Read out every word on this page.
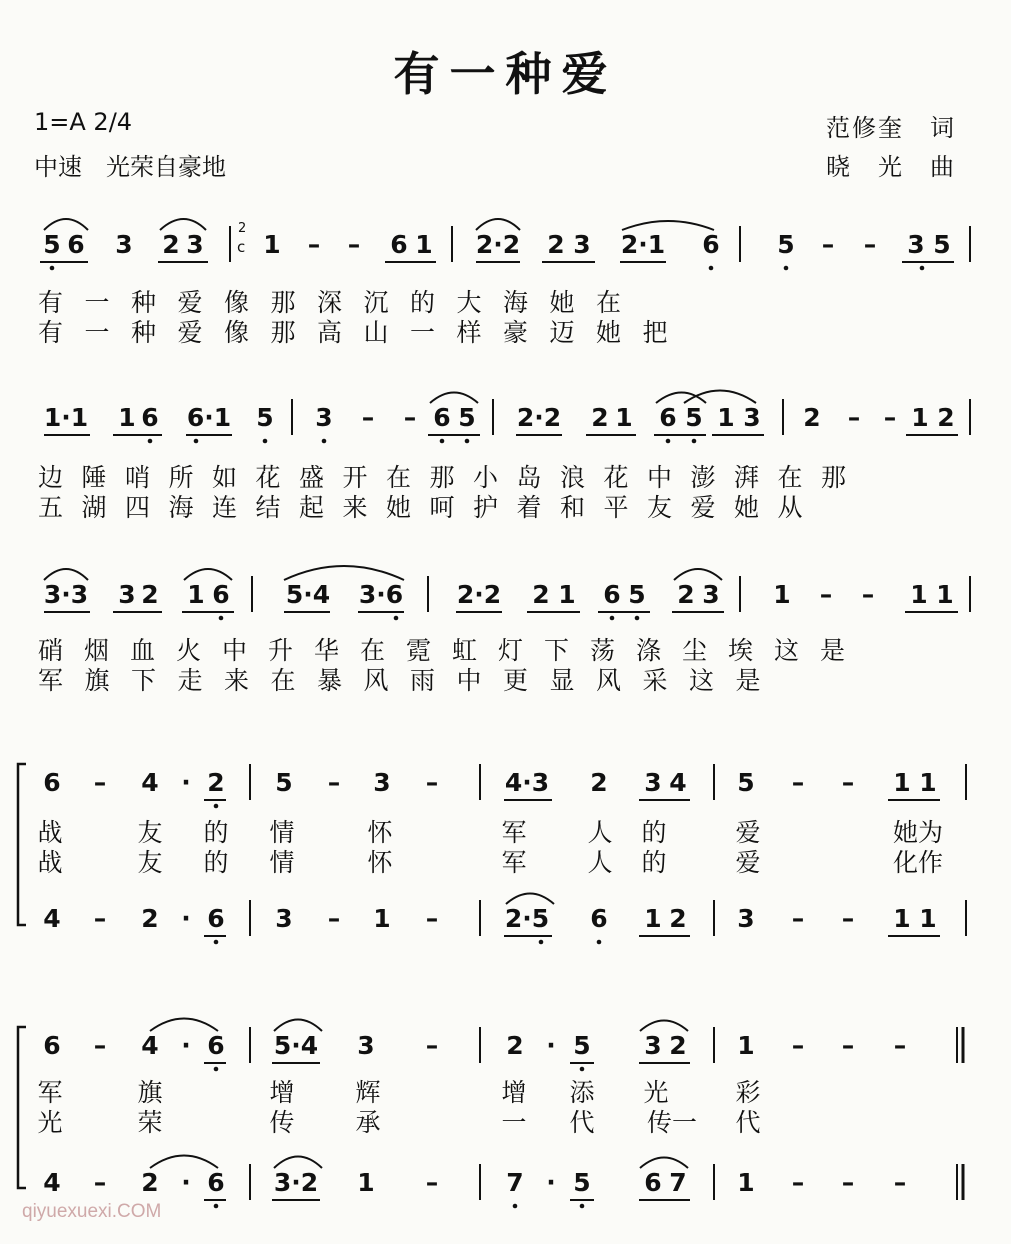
有一种爱
1=A 2/4
中速　光荣自豪地
范修奎　词
晓　光　曲
5 6 3 2 3 1	–	–	6 1 2·2 2 3 2·1 6 5	–	–	3 5
有一种爱像那深沉的大海她在
有一种爱像那高山一样豪迈她把
1·1 1 6 6·1 5 3	–	– 6 5 2·2 2 1 6 5 1 3 2	– – 1 2
边陲哨所如花盛开在那小岛浪花中澎湃在那
五湖四海连结起来她呵护着和平友爱她从
3·3 3 2 1 6 5·4 3·6 2·2 2 1 6 5 2 3 1	–	–	1 1
硝烟血火中升华在霓虹灯下荡涤尘埃这是
军旗下走来在暴风雨中更显风采这是
6	–	4 · 2 5	–	3	–	4·3 2 3 4 5	–	–	1 1
战	友 的 情	怀	军 人 的	爱	她为
战	友 的 情	怀	军 人 的	爱	化作
4	–	2 · 6 3	–	1	–	2·5 6 1 2 3	–	–	1 1
6	–	4 · 6 5·4 3	–	2 · 5 3 2 1	–	–	–
军	旗	增 辉	增 添 光	彩
光	荣	传 承	一 代 传一 代
4	–	2 · 6 3·2 1	–	7 · 5 6 7 1	–	–	–
2
c
qiyuexuexi.COM
